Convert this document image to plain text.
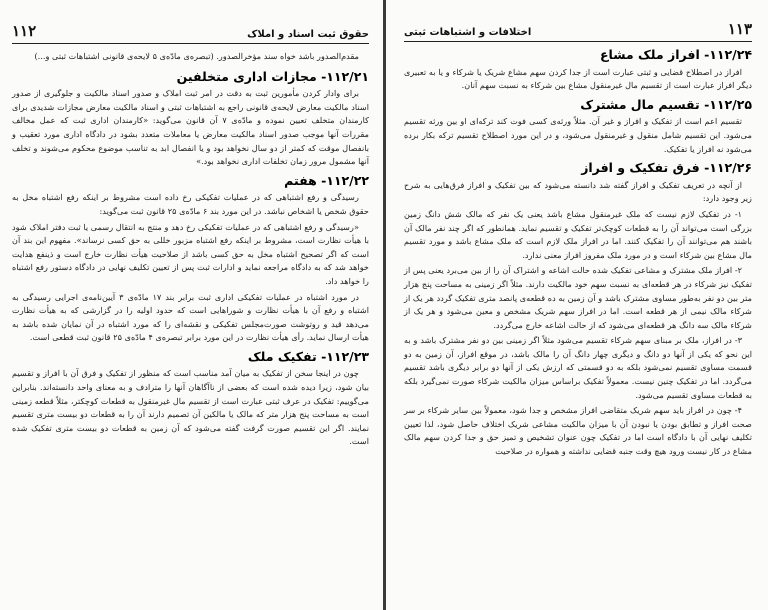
حقوق ثبت اسناد و املاک
۱۱۲

مقدم‌الصدور باشد خواه سند مؤخرالصدور. (تبصره‌ی مادّه‌ی ۵ لایحه‌ی قانونی اشتباهات ثبتی و...)

۱۱۲/۲۱- مجازات اداری متخلفین

برای وادار کردن مأمورین ثبت به دقت در امر ثبت املاک و صدور اسناد مالکیت و جلوگیری از صدور اسناد مالکیت معارض لایحه‌ی قانونی راجع به اشتباهات ثبتی و اسناد مالکیت معارض مجازات شدیدی برای کارمندان متخلف تعیین نموده و مادّه‌ی ۷ آن قانون می‌گوید: «کارمندان اداری ثبت که عمل مخالف مقررات آنها موجب صدور اسناد مالکیت معارض یا معاملات متعدد بشود در دادگاه اداری مورد تعقیب و بانفصال موقت که کمتر از دو سال نخواهد بود و یا انفصال ابد به تناسب موضوع محکوم می‌شوند و تخلف آنها مشمول مرور زمان تخلفات اداری نخواهد بود.»

۱۱۲/۲۲- هفتم

رسیدگی و رفع اشتباهی که در عملیات تفکیکی رخ داده است مشروط بر اینکه رفع اشتباه مخل به حقوق شخص یا اشخاص نباشد. در این مورد بند ۶ مادّه‌ی ۲۵ قانون ثبت می‌گوید:

«رسیدگی و رفع اشتباهی که در عملیات تفکیکی رخ دهد و منتج به انتقال رسمی یا ثبت دفتر املاک شود با هیأت نظارت است، مشروط بر اینکه رفع اشتباه مزبور خللی به حق کسی نرساند». مفهوم این بند آن است که اگر تصحیح اشتباه مخل به حق کسی باشد از صلاحیت هیأت نظارت خارج است و ذینفع هدایت خواهد شد که به دادگاه مراجعه نماید و ادارات ثبت پس از تعیین تکلیف نهایی در دادگاه دستور رفع اشتباه را خواهد داد.

در مورد اشتباه در عملیات تفکیکی اداری ثبت برابر بند ۱۷ مادّه‌ی ۳ آیین‌نامه‌ی اجرایی رسیدگی به اشتباه و رفع آن با هیأت نظارت و شوراهایی است که حدود اولیه را در گزارشی که به هیأت نظارت می‌دهد قید و روتوشت صورت‌مجلس تفکیکی و نقشه‌ای را که مورد اشتباه در آن نمایان شده باشد به هیأت ارسال نماید. رأی هیأت نظارت در این مورد برابر تبصره‌ی ۴ مادّه‌ی ۲۵ قانون ثبت قطعی است.

۱۱۲/۲۳- تفکیک ملک

چون در اینجا سخن از تفکیک به میان آمد مناسب است که منظور از تفکیک و فرق آن با افراز و تقسیم بیان شود، زیرا دیده شده است که بعضی از ناآگاهان آنها را مترادف و به معنای واحد دانسته‌اند. بنابراین می‌گوییم: تفکیک در عرف ثبتی عبارت است از تقسیم مال غیرمنقول به قطعات کوچکتر، مثلاً قطعه زمینی است به مساحت پنج هزار متر که مالک یا مالکین آن تصمیم دارند آن را به قطعات دو بیست متری تقسیم نمایند. اگر این تقسیم صورت گرفت گفته می‌شود که آن زمین به قطعات دو بیست متری تفکیک شده است.

۱۱۳
اختلافات و اشتباهات ثبتی
۱۱۲/۲۴- افراز ملک مشاع

افراز در اصطلاح قضایی و ثبتی عبارت است از جدا کردن سهم مشاع شریک یا شرکاء و یا به تعبیری دیگر افراز عبارت است از تقسیم مال غیرمنقول مشاع بین شرکاء به نسبت سهم آنان.

۱۱۲/۲۵- تقسیم مال مشترک

تقسیم اعم است از تفکیک و افراز و غیر آن. مثلاً ورثه‌ی کسی فوت کند ترکه‌ای او بین ورثه تقسیم می‌شود. این تقسیم شامل منقول و غیرمنقول می‌شود، و در این مورد اصطلاح تقسیم ترکه بکار برده می‌شود نه افراز یا تفکیک.

۱۱۲/۲۶- فرق تفکیک و افراز

از آنچه در تعریف تفکیک و افراز گفته شد دانسته می‌شود که بین تفکیک و افراز فرق‌هایی به شرح زیر وجود دارد:

۱- در تفکیک لازم نیست که ملک غیرمنقول مشاع باشد یعنی یک نفر که مالک شش دانگ زمین بزرگی است می‌تواند آن را به قطعات کوچک‌تر تفکیک و تقسیم نماید. همانطور که اگر چند نفر مالک آن باشند هم می‌توانند آن را تفکیک کنند. اما در افراز ملک لازم است که ملک مشاع باشد و مورد تقسیم مال مشاع بین شرکاء است و در مورد ملک مفروز افراز معنی ندارد.

۲- افراز ملک مشترک و مشاعی تفکیک شده حالت اشاعه و اشتراک آن را از بین می‌برد یعنی پس از تفکیک نیز شرکاء در هر قطعه‌ای به نسبت سهم خود مالکیت دارند. مثلاً اگر زمینی به مساحت پنج هزار متر بین دو نفر به‌طور مساوی مشترک باشد و آن زمین به ده قطعه‌ی پانصد متری تفکیک گردد هر یک از شرکاء مالک نیمی از هر قطعه است. اما در افراز سهم شریک مشخص و معین می‌شود و هر یک از شرکاء مالک سه دانگ هر قطعه‌ای می‌شود که از حالت اشاعه خارج می‌گردد.

۳- در افراز، ملک بر مبنای سهم شرکاء تقسیم می‌شود مثلاً اگر زمینی بین دو نفر مشترک باشد و به این نحو که یکی از آنها دو دانگ و دیگری چهار دانگ آن را مالک باشد، در موقع افراز، آن زمین به دو قسمت مساوی تقسیم نمی‌شود بلکه به دو قسمتی که ارزش یکی از آنها دو برابر دیگری باشد تقسیم می‌گردد. اما در تفکیک چنین نیست. معمولاً تفکیک براساس میزان مالکیت شرکاء صورت نمی‌گیرد بلکه به قطعات مساوی تقسیم می‌شود.

۴- چون در افراز باید سهم شریک متقاضی افراز مشخص و جدا شود، معمولاً بین سایر شرکاء بر سر صحت افراز و تطابق بودن یا نبودن آن با میزان مالکیت مشاعی شریک اختلاف حاصل شود، لذا تعیین تکلیف نهایی آن با دادگاه است اما در تفکیک چون عنوان تشخیص و تمیز حق و جدا کردن سهم مالک مشاع در کار نیست ورود هیچ وقت جنبه قضایی نداشته و همواره در صلاحیت
